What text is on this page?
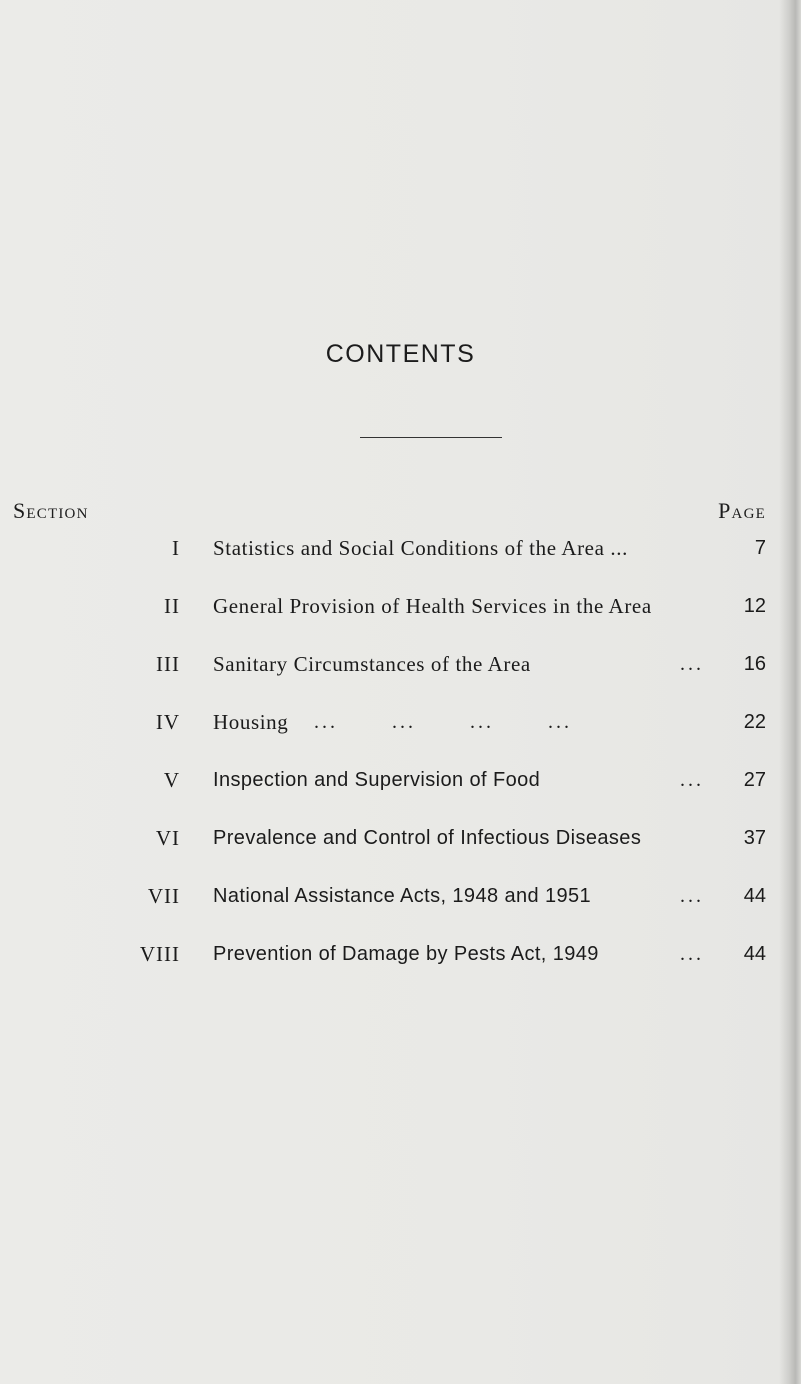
CONTENTS
Section	Page
I Statistics and Social Conditions of the Area ...	7
II General Provision of Health Services in the Area	12
III Sanitary Circumstances of the Area	...	16
IV Housing ... ... ... ...	22
V Inspection and Supervision of Food	...	27
VI Prevalence and Control of Infectious Diseases	37
VII National Assistance Acts, 1948 and 1951	...	44
VIII Prevention of Damage by Pests Act, 1949	...	44
